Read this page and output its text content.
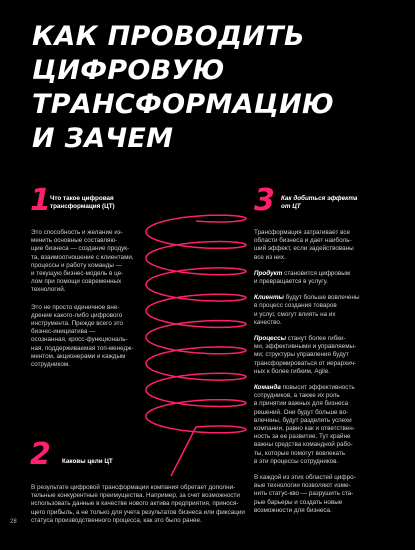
КАК ПРОВОДИТЬ
ЦИФРОВУЮ
ТРАНСФОРМАЦИЮ
И ЗАЧЕМ
1 Что такое цифровая
трансформация (ЦТ)

Это способность и желание из-
менить основные составляю-
щие бизнеса — создание продук-
та, взаимоотношение с клиентами,
процессы и работу команды —
и текущую бизнес-модель в це-
лом при помощи современных
технологий.

Это не просто единичное вне-
дрение какого-либо цифрового
инструмента. Прежде всего это
бизнес-инициатива —
осознанная, кросс-функциональ-
ная, поддерживаемая топ-менедж-
ментом, акционерами и каждым
сотрудником.

2 Каковы цели ЦТ
В результате цифровой трансформации компания обретает дополни-
тельные конкурентные преимущества. Например, за счет возможности
использовать данные в качестве нового актива предприятия, принося-
щего прибыль, а не только для учета результатов бизнеса или фиксации
статуса производственного процесса, как это было ранее.
3 Как добиться эффекта
от ЦТ

Трансформация затрагивает все
области бизнеса и дает наиболь-
ший эффект, если задействованы
все из них.

Продукт становится цифровым
и превращается в услугу.

Клиенты будут больше вовлечены
в процесс создания товаров
и услуг, смогут влиять на их
качество.

Процессы станут более гибки-
ми, эффективными и управляемы-
ми; структуры управления будут
трансформироваться от иерархич-
ных к более гибким, Agile.

Команда повысит эффективность
сотрудников, а также их роль
в принятии важных для бизнеса
решений. Они будут больше во-
влечены, будут разделять успехи
компании, равно как и ответствен-
ность за ее развитие. Тут крайне
важны средства командной рабо-
ты, которые помогут вовлекать
в эти процессы сотрудников.

В каждой из этих областей цифро-
вые технологии позволяют изме-
нить статус-кво — разрушить ста-
рые барьеры и создать новые
возможности для бизнеса.

28
